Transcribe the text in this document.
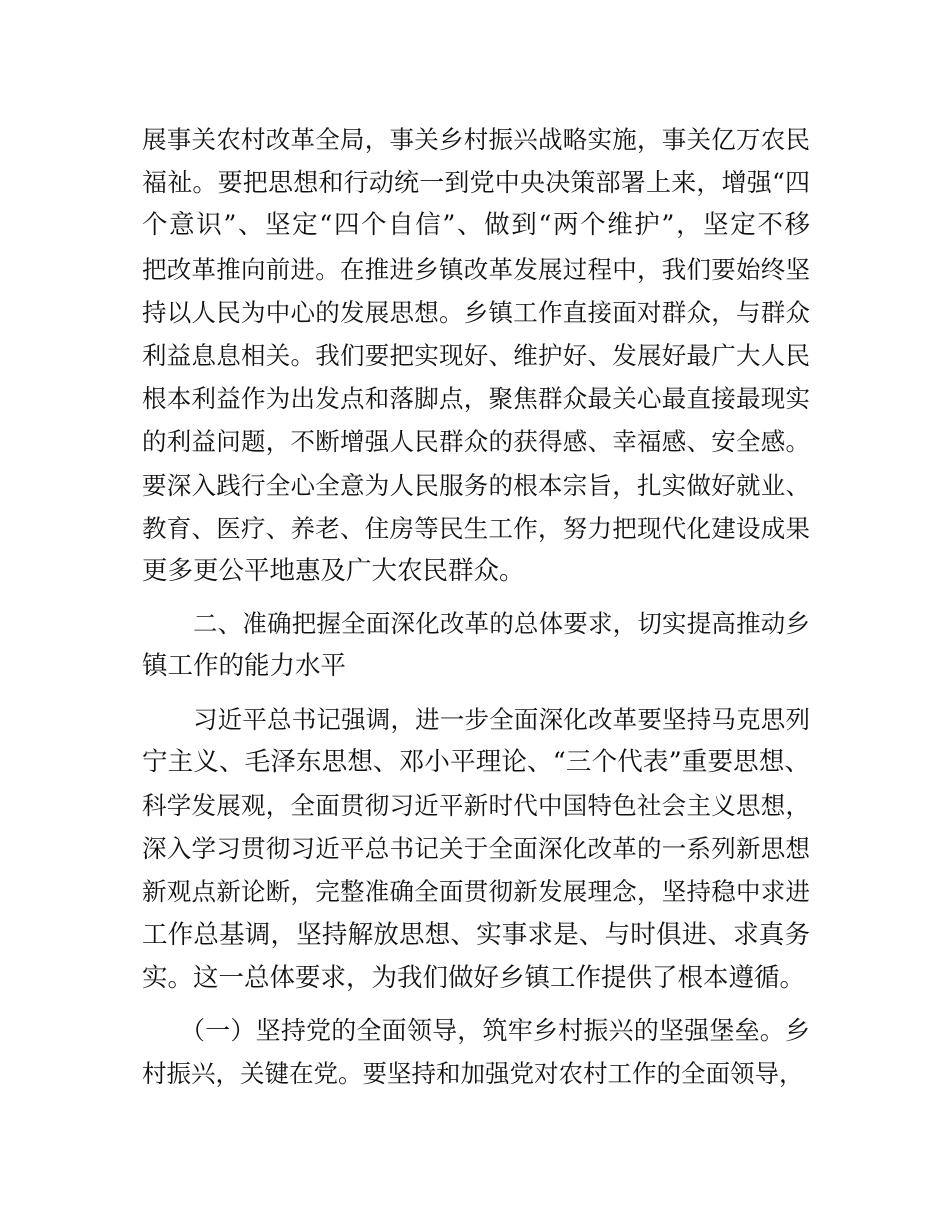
展事关农村改革全局，事关乡村振兴战略实施，事关亿万农民
福祉。要把思想和行动统一到党中央决策部署上来，增强“四
个意识”、坚定“四个自信”、做到“两个维护”，坚定不移
把改革推向前进。在推进乡镇改革发展过程中，我们要始终坚
持以人民为中心的发展思想。乡镇工作直接面对群众，与群众
利益息息相关。我们要把实现好、维护好、发展好最广大人民
根本利益作为出发点和落脚点，聚焦群众最关心最直接最现实
的利益问题，不断增强人民群众的获得感、幸福感、安全感。
要深入践行全心全意为人民服务的根本宗旨，扎实做好就业、
教育、医疗、养老、住房等民生工作，努力把现代化建设成果
更多更公平地惠及广大农民群众。
二、准确把握全面深化改革的总体要求，切实提高推动乡
镇工作的能力水平
习近平总书记强调，进一步全面深化改革要坚持马克思列
宁主义、毛泽东思想、邓小平理论、“三个代表”重要思想、
科学发展观，全面贯彻习近平新时代中国特色社会主义思想，
深入学习贯彻习近平总书记关于全面深化改革的一系列新思想
新观点新论断，完整准确全面贯彻新发展理念，坚持稳中求进
工作总基调，坚持解放思想、实事求是、与时俱进、求真务
实。这一总体要求，为我们做好乡镇工作提供了根本遵循。
（一）坚持党的全面领导，筑牢乡村振兴的坚强堡垒。乡
村振兴，关键在党。要坚持和加强党对农村工作的全面领导，
